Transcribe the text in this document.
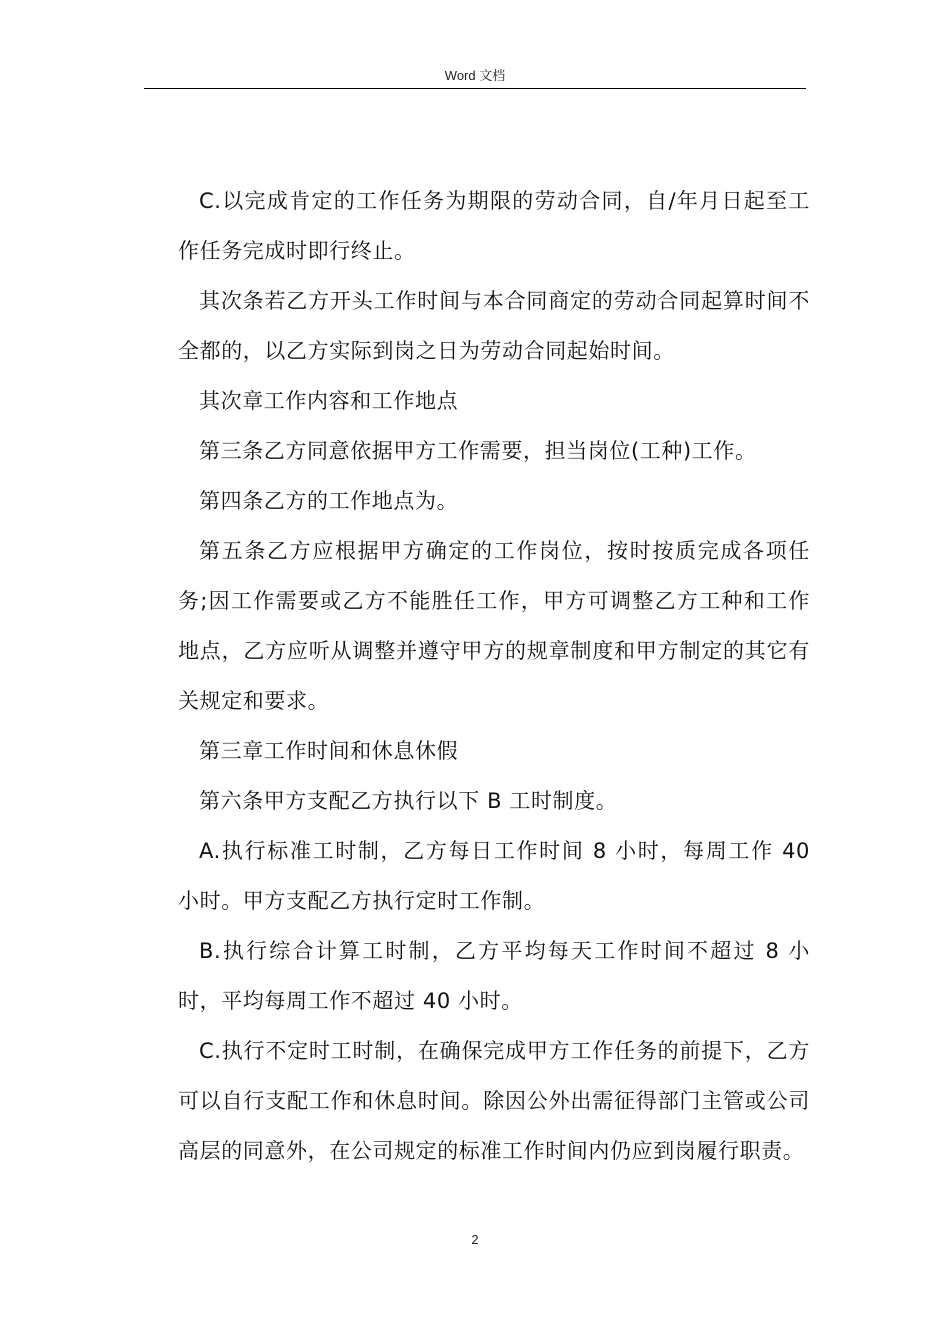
Word 文档

C.以完成肯定的工作任务为期限的劳动合同，自/年月日起至工作任务完成时即行终止。

其次条若乙方开头工作时间与本合同商定的劳动合同起算时间不全都的，以乙方实际到岗之日为劳动合同起始时间。

其次章工作内容和工作地点

第三条乙方同意依据甲方工作需要，担当岗位(工种)工作。

第四条乙方的工作地点为。

第五条乙方应根据甲方确定的工作岗位，按时按质完成各项任务;因工作需要或乙方不能胜任工作，甲方可调整乙方工种和工作地点，乙方应听从调整并遵守甲方的规章制度和甲方制定的其它有关规定和要求。

第三章工作时间和休息休假

第六条甲方支配乙方执行以下 B 工时制度。

A.执行标准工时制，乙方每日工作时间 8 小时，每周工作 40 小时。甲方支配乙方执行定时工作制。

B.执行综合计算工时制，乙方平均每天工作时间不超过 8 小时，平均每周工作不超过 40 小时。

C.执行不定时工时制，在确保完成甲方工作任务的前提下，乙方可以自行支配工作和休息时间。除因公外出需征得部门主管或公司高层的同意外，在公司规定的标准工作时间内仍应到岗履行职责。

2
